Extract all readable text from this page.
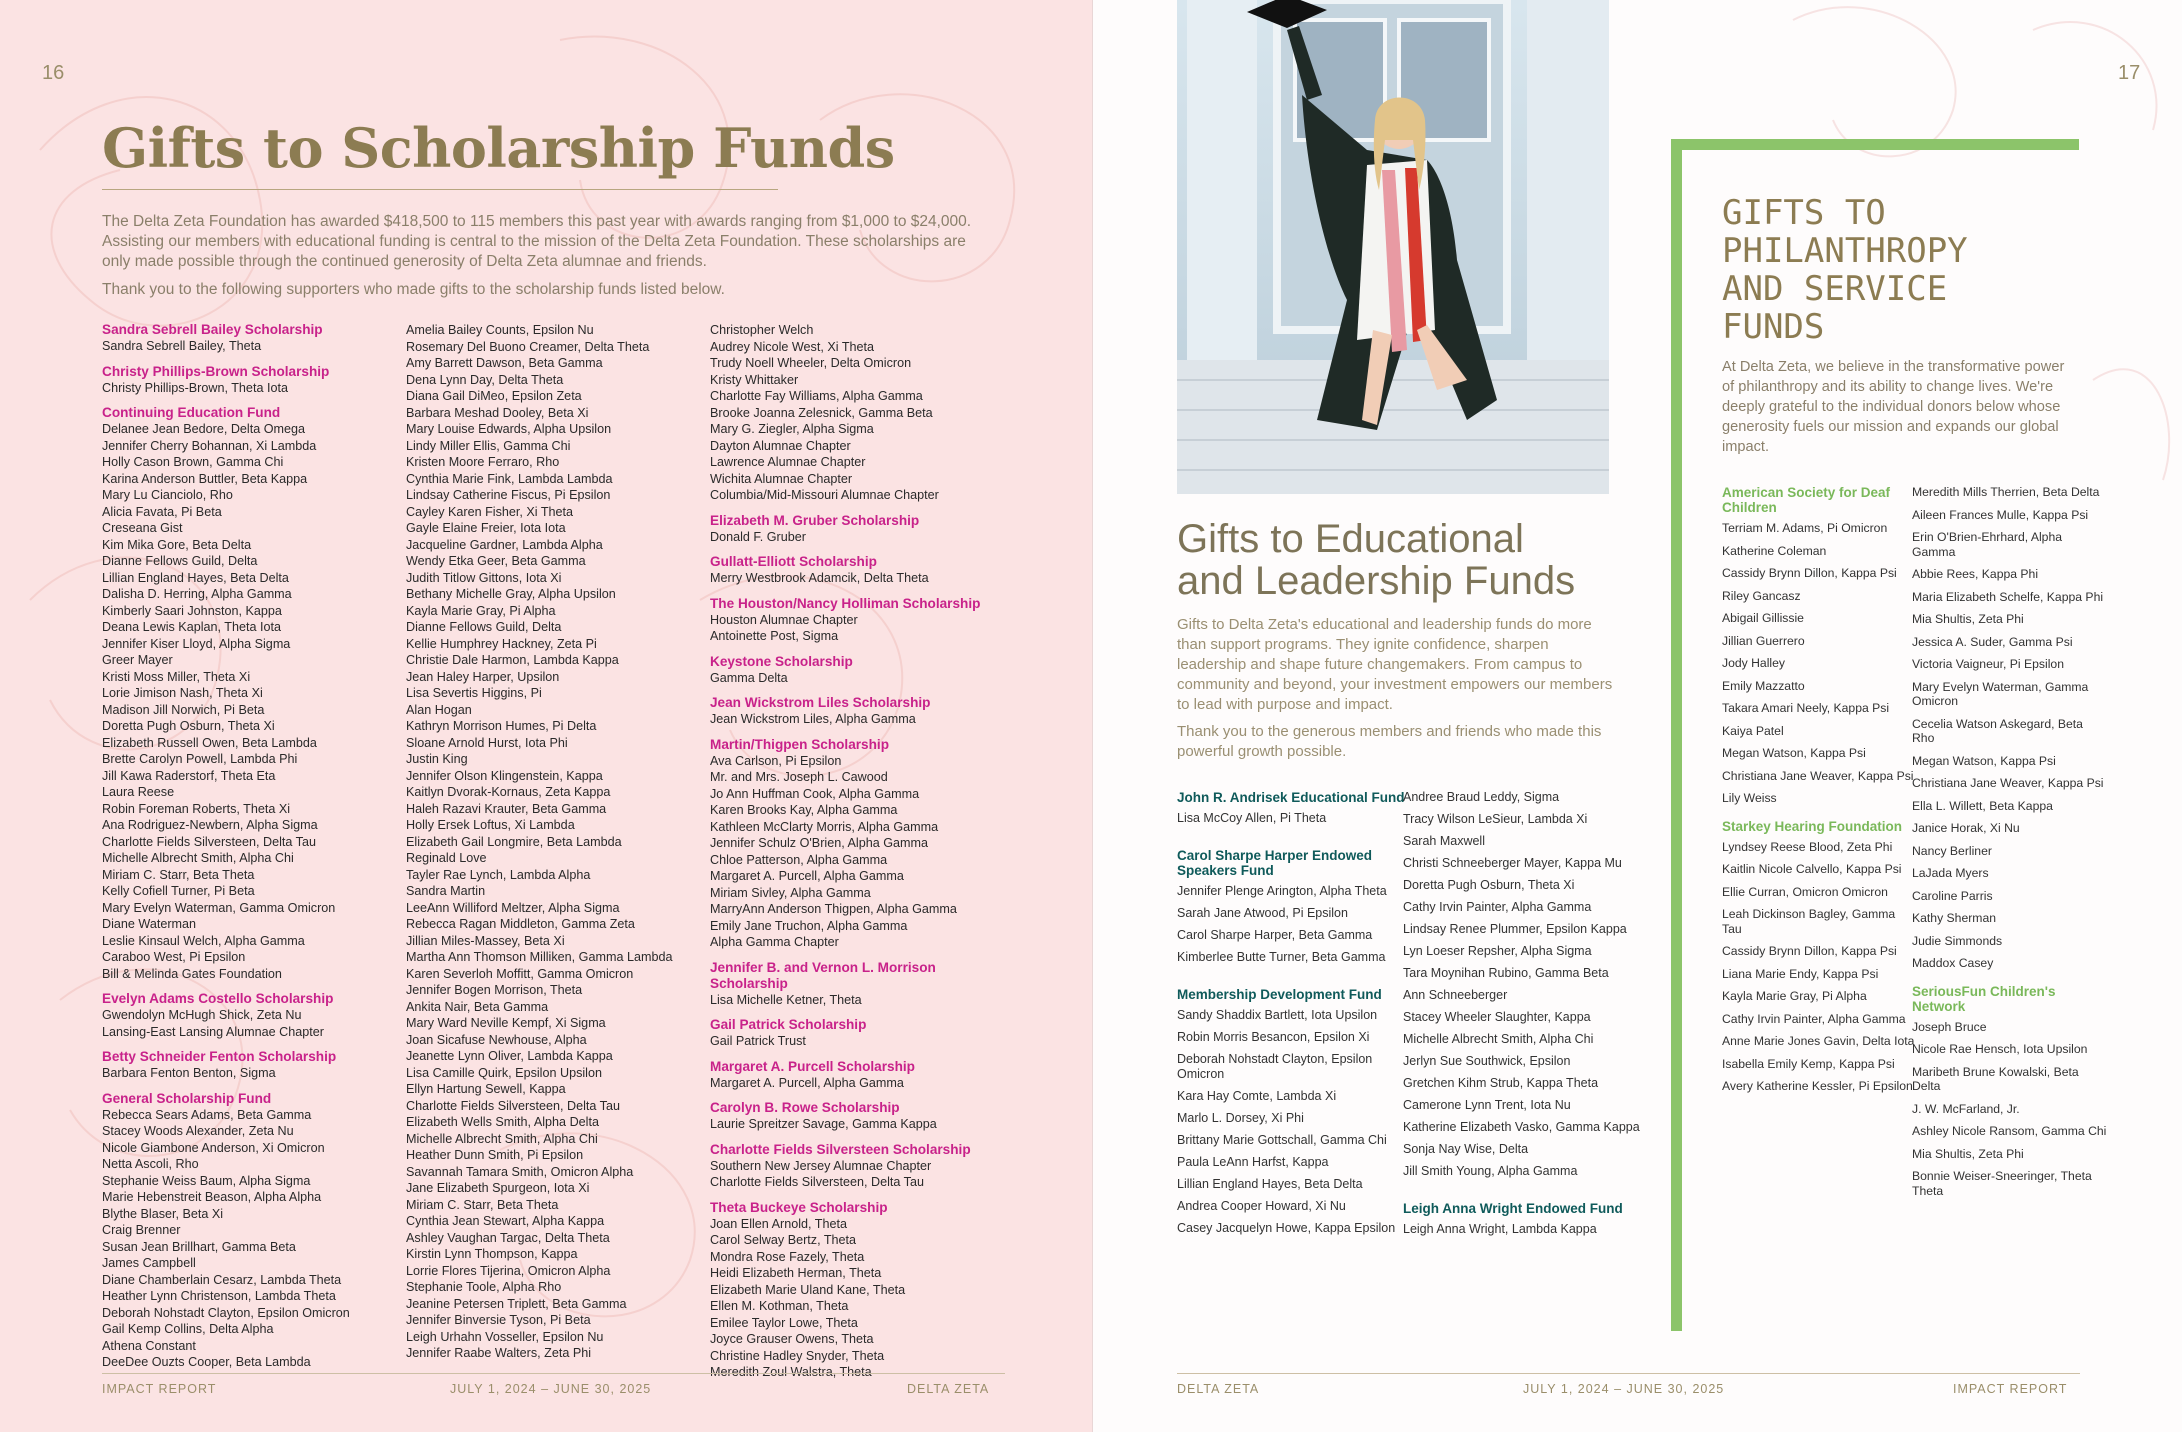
16
Gifts to Scholarship Funds

The Delta Zeta Foundation has awarded $418,500 to 115 members this past year with awards ranging from $1,000 to $24,000. Assisting our members with educational funding is central to the mission of the Delta Zeta Foundation. These scholarships are only made possible through the continued generosity of Delta Zeta alumnae and friends.

Thank you to the following supporters who made gifts to the scholarship funds listed below.

Sandra Sebrell Bailey Scholarship
Sandra Sebrell Bailey, Theta
Christy Phillips-Brown Scholarship
Christy Phillips-Brown, Theta Iota
Continuing Education Fund
Delanee Jean Bedore, Delta Omega
Jennifer Cherry Bohannan, Xi Lambda
Holly Cason Brown, Gamma Chi
Karina Anderson Buttler, Beta Kappa
Mary Lu Cianciolo, Rho
Alicia Favata, Pi Beta
Creseana Gist
Kim Mika Gore, Beta Delta
Dianne Fellows Guild, Delta
Lillian England Hayes, Beta Delta
Dalisha D. Herring, Alpha Gamma
Kimberly Saari Johnston, Kappa
Deana Lewis Kaplan, Theta Iota
Jennifer Kiser Lloyd, Alpha Sigma
Greer Mayer
Kristi Moss Miller, Theta Xi
Lorie Jimison Nash, Theta Xi
Madison Jill Norwich, Pi Beta
Doretta Pugh Osburn, Theta Xi
Elizabeth Russell Owen, Beta Lambda
Brette Carolyn Powell, Lambda Phi
Jill Kawa Raderstorf, Theta Eta
Laura Reese
Robin Foreman Roberts, Theta Xi
Ana Rodriguez-Newbern, Alpha Sigma
Charlotte Fields Silversteen, Delta Tau
Michelle Albrecht Smith, Alpha Chi
Miriam C. Starr, Beta Theta
Kelly Cofiell Turner, Pi Beta
Mary Evelyn Waterman, Gamma Omicron
Diane Waterman
Leslie Kinsaul Welch, Alpha Gamma
Caraboo West, Pi Epsilon
Bill & Melinda Gates Foundation
Evelyn Adams Costello Scholarship
Gwendolyn McHugh Shick, Zeta Nu
Lansing-East Lansing Alumnae Chapter
Betty Schneider Fenton Scholarship
Barbara Fenton Benton, Sigma
General Scholarship Fund
Rebecca Sears Adams, Beta Gamma
Stacey Woods Alexander, Zeta Nu
Nicole Giambone Anderson, Xi Omicron
Netta Ascoli, Rho
Stephanie Weiss Baum, Alpha Sigma
Marie Hebenstreit Beason, Alpha Alpha
Blythe Blaser, Beta Xi
Craig Brenner
Susan Jean Brillhart, Gamma Beta
James Campbell
Diane Chamberlain Cesarz, Lambda Theta
Heather Lynn Christenson, Lambda Theta
Deborah Nohstadt Clayton, Epsilon Omicron
Gail Kemp Collins, Delta Alpha
Athena Constant
DeeDee Ouzts Cooper, Beta Lambda
Amelia Bailey Counts, Epsilon Nu
Rosemary Del Buono Creamer, Delta Theta
Amy Barrett Dawson, Beta Gamma
Dena Lynn Day, Delta Theta
Diana Gail DiMeo, Epsilon Zeta
Barbara Meshad Dooley, Beta Xi
Mary Louise Edwards, Alpha Upsilon
Lindy Miller Ellis, Gamma Chi
Kristen Moore Ferraro, Rho
Cynthia Marie Fink, Lambda Lambda
Lindsay Catherine Fiscus, Pi Epsilon
Cayley Karen Fisher, Xi Theta
Gayle Elaine Freier, Iota Iota
Jacqueline Gardner, Lambda Alpha
Wendy Etka Geer, Beta Gamma
Judith Titlow Gittons, Iota Xi
Bethany Michelle Gray, Alpha Upsilon
Kayla Marie Gray, Pi Alpha
Dianne Fellows Guild, Delta
Kellie Humphrey Hackney, Zeta Pi
Christie Dale Harmon, Lambda Kappa
Jean Haley Harper, Upsilon
Lisa Severtis Higgins, Pi
Alan Hogan
Kathryn Morrison Humes, Pi Delta
Sloane Arnold Hurst, Iota Phi
Justin King
Jennifer Olson Klingenstein, Kappa
Kaitlyn Dvorak-Kornaus, Zeta Kappa
Haleh Razavi Krauter, Beta Gamma
Holly Ersek Loftus, Xi Lambda
Elizabeth Gail Longmire, Beta Lambda
Reginald Love
Tayler Rae Lynch, Lambda Alpha
Sandra Martin
LeeAnn Williford Meltzer, Alpha Sigma
Rebecca Ragan Middleton, Gamma Zeta
Jillian Miles-Massey, Beta Xi
Martha Ann Thomson Milliken, Gamma Lambda
Karen Severloh Moffitt, Gamma Omicron
Jennifer Bogen Morrison, Theta
Ankita Nair, Beta Gamma
Mary Ward Neville Kempf, Xi Sigma
Joan Sicafuse Newhouse, Alpha
Jeanette Lynn Oliver, Lambda Kappa
Lisa Camille Quirk, Epsilon Upsilon
Ellyn Hartung Sewell, Kappa
Charlotte Fields Silversteen, Delta Tau
Elizabeth Wells Smith, Alpha Delta
Michelle Albrecht Smith, Alpha Chi
Heather Dunn Smith, Pi Epsilon
Savannah Tamara Smith, Omicron Alpha
Jane Elizabeth Spurgeon, Iota Xi
Miriam C. Starr, Beta Theta
Cynthia Jean Stewart, Alpha Kappa
Ashley Vaughan Targac, Delta Theta
Kirstin Lynn Thompson, Kappa
Lorrie Flores Tijerina, Omicron Alpha
Stephanie Toole, Alpha Rho
Jeanine Petersen Triplett, Beta Gamma
Jennifer Binversie Tyson, Pi Beta
Leigh Urhahn Vosseller, Epsilon Nu
Jennifer Raabe Walters, Zeta Phi
Christopher Welch
Audrey Nicole West, Xi Theta
Trudy Noell Wheeler, Delta Omicron
Kristy Whittaker
Charlotte Fay Williams, Alpha Gamma
Brooke Joanna Zelesnick, Gamma Beta
Mary G. Ziegler, Alpha Sigma
Dayton Alumnae Chapter
Lawrence Alumnae Chapter
Wichita Alumnae Chapter
Columbia/Mid-Missouri Alumnae Chapter
Elizabeth M. Gruber Scholarship
Donald F. Gruber
Gullatt-Elliott Scholarship
Merry Westbrook Adamcik, Delta Theta
The Houston/Nancy Holliman Scholarship
Houston Alumnae Chapter
Antoinette Post, Sigma
Keystone Scholarship
Gamma Delta
Jean Wickstrom Liles Scholarship
Jean Wickstrom Liles, Alpha Gamma
Martin/Thigpen Scholarship
Ava Carlson, Pi Epsilon
Mr. and Mrs. Joseph L. Cawood
Jo Ann Huffman Cook, Alpha Gamma
Karen Brooks Kay, Alpha Gamma
Kathleen McClarty Morris, Alpha Gamma
Jennifer Schulz O'Brien, Alpha Gamma
Chloe Patterson, Alpha Gamma
Margaret A. Purcell, Alpha Gamma
Miriam Sivley, Alpha Gamma
MarryAnn Anderson Thigpen, Alpha Gamma
Emily Jane Truchon, Alpha Gamma
Alpha Gamma Chapter
Jennifer B. and Vernon L. Morrison Scholarship
Lisa Michelle Ketner, Theta
Gail Patrick Scholarship
Gail Patrick Trust
Margaret A. Purcell Scholarship
Margaret A. Purcell, Alpha Gamma
Carolyn B. Rowe Scholarship
Laurie Spreitzer Savage, Gamma Kappa
Charlotte Fields Silversteen Scholarship
Southern New Jersey Alumnae Chapter
Charlotte Fields Silversteen, Delta Tau
Theta Buckeye Scholarship
Joan Ellen Arnold, Theta
Carol Selway Bertz, Theta
Mondra Rose Fazely, Theta
Heidi Elizabeth Herman, Theta
Elizabeth Marie Uland Kane, Theta
Ellen M. Kothman, Theta
Emilee Taylor Lowe, Theta
Joyce Grauser Owens, Theta
Christine Hadley Snyder, Theta
Meredith Zoul Walstra, Theta
IMPACT REPORT	JULY 1, 2024 – JUNE 30, 2025	DELTA ZETA
17
Gifts to Educational
and Leadership Funds

Gifts to Delta Zeta's educational and leadership funds do more than support programs. They ignite confidence, sharpen leadership and shape future changemakers. From campus to community and beyond, your investment empowers our members to lead with purpose and impact.

Thank you to the generous members and friends who made this powerful growth possible.

John R. Andrisek Educational Fund
Lisa McCoy Allen, Pi Theta
Carol Sharpe Harper Endowed Speakers Fund
Jennifer Plenge Arington, Alpha Theta
Sarah Jane Atwood, Pi Epsilon
Carol Sharpe Harper, Beta Gamma
Kimberlee Butte Turner, Beta Gamma
Membership Development Fund
Sandy Shaddix Bartlett, Iota Upsilon
Robin Morris Besancon, Epsilon Xi
Deborah Nohstadt Clayton, Epsilon Omicron
Kara Hay Comte, Lambda Xi
Marlo L. Dorsey, Xi Phi
Brittany Marie Gottschall, Gamma Chi
Paula LeAnn Harfst, Kappa
Lillian England Hayes, Beta Delta
Andrea Cooper Howard, Xi Nu
Casey Jacquelyn Howe, Kappa Epsilon
Andree Braud Leddy, Sigma
Tracy Wilson LeSieur, Lambda Xi
Sarah Maxwell
Christi Schneeberger Mayer, Kappa Mu
Doretta Pugh Osburn, Theta Xi
Cathy Irvin Painter, Alpha Gamma
Lindsay Renee Plummer, Epsilon Kappa
Lyn Loeser Repsher, Alpha Sigma
Tara Moynihan Rubino, Gamma Beta
Ann Schneeberger
Stacey Wheeler Slaughter, Kappa
Michelle Albrecht Smith, Alpha Chi
Jerlyn Sue Southwick, Epsilon
Gretchen Kihm Strub, Kappa Theta
Camerone Lynn Trent, Iota Nu
Katherine Elizabeth Vasko, Gamma Kappa
Sonja Nay Wise, Delta
Jill Smith Young, Alpha Gamma
Leigh Anna Wright Endowed Fund
Leigh Anna Wright, Lambda Kappa
GIFTS TO
PHILANTHROPY
AND SERVICE
FUNDS

At Delta Zeta, we believe in the transformative power of philanthropy and its ability to change lives. We're deeply grateful to the individual donors below whose generosity fuels our mission and expands our global impact.

American Society for Deaf Children
Terriam M. Adams, Pi Omicron
Katherine Coleman
Cassidy Brynn Dillon, Kappa Psi
Riley Gancasz
Abigail Gillissie
Jillian Guerrero
Jody Halley
Emily Mazzatto
Takara Amari Neely, Kappa Psi
Kaiya Patel
Megan Watson, Kappa Psi
Christiana Jane Weaver, Kappa Psi
Lily Weiss
Starkey Hearing Foundation
Lyndsey Reese Blood, Zeta Phi
Kaitlin Nicole Calvello, Kappa Psi
Ellie Curran, Omicron Omicron
Leah Dickinson Bagley, Gamma Tau
Cassidy Brynn Dillon, Kappa Psi
Liana Marie Endy, Kappa Psi
Kayla Marie Gray, Pi Alpha
Cathy Irvin Painter, Alpha Gamma
Anne Marie Jones Gavin, Delta Iota
Isabella Emily Kemp, Kappa Psi
Avery Katherine Kessler, Pi Epsilon
Meredith Mills Therrien, Beta Delta
Aileen Frances Mulle, Kappa Psi
Erin O'Brien-Ehrhard, Alpha Gamma
Abbie Rees, Kappa Phi
Maria Elizabeth Schelfe, Kappa Phi
Mia Shultis, Zeta Phi
Jessica A. Suder, Gamma Psi
Victoria Vaigneur, Pi Epsilon
Mary Evelyn Waterman, Gamma Omicron
Cecelia Watson Askegard, Beta Rho
Megan Watson, Kappa Psi
Christiana Jane Weaver, Kappa Psi
Ella L. Willett, Beta Kappa
Janice Horak, Xi Nu
Nancy Berliner
LaJada Myers
Caroline Parris
Kathy Sherman
Judie Simmonds
Maddox Casey
SeriousFun Children's Network
Joseph Bruce
Nicole Rae Hensch, Iota Upsilon
Maribeth Brune Kowalski, Beta Delta
J. W. McFarland, Jr.
Ashley Nicole Ransom, Gamma Chi
Mia Shultis, Zeta Phi
Bonnie Weiser-Sneeringer, Theta Theta
DELTA ZETA	JULY 1, 2024 – JUNE 30, 2025	IMPACT REPORT
